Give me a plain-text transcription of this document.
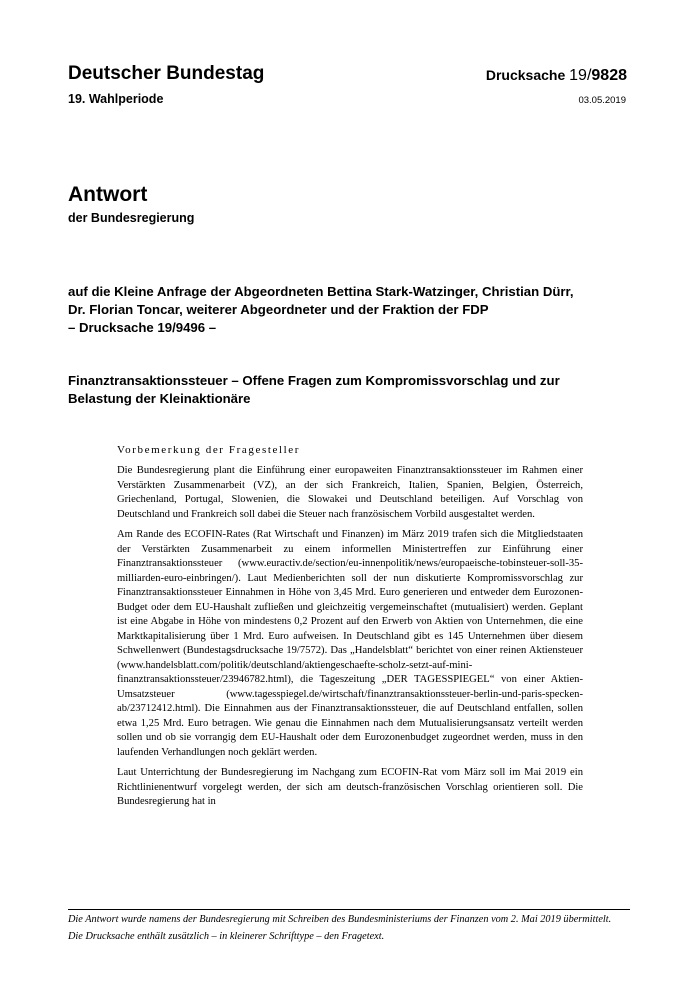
Deutscher Bundestag
19. Wahlperiode
Drucksache 19/9828
03.05.2019
Antwort
der Bundesregierung
auf die Kleine Anfrage der Abgeordneten Bettina Stark-Watzinger, Christian Dürr,
Dr. Florian Toncar, weiterer Abgeordneter und der Fraktion der FDP
– Drucksache 19/9496 –
Finanztransaktionssteuer – Offene Fragen zum Kompromissvorschlag und zur
Belastung der Kleinaktionäre
Vorbemerkung der Fragesteller

Die Bundesregierung plant die Einführung einer europaweiten Finanztransaktionssteuer im Rahmen einer Verstärkten Zusammenarbeit (VZ), an der sich Frankreich, Italien, Spanien, Belgien, Österreich, Griechenland, Portugal, Slowenien, die Slowakei und Deutschland beteiligen. Auf Vorschlag von Deutschland und Frankreich soll dabei die Steuer nach französischem Vorbild ausgestaltet werden.

Am Rande des ECOFIN-Rates (Rat Wirtschaft und Finanzen) im März 2019 trafen sich die Mitgliedstaaten der Verstärkten Zusammenarbeit zu einem informellen Ministertreffen zur Einführung einer Finanztransaktionssteuer (www.euractiv.de/section/eu-innenpolitik/news/europaeische-tobinsteuer-soll-35-milliarden-euro-einbringen/). Laut Medienberichten soll der nun diskutierte Kompromissvorschlag zur Finanztransaktionssteuer Einnahmen in Höhe von 3,45 Mrd. Euro generieren und entweder dem Eurozonen-Budget oder dem EU-Haushalt zufließen und gleichzeitig vergemeinschaftet (mutualisiert) werden. Geplant ist eine Abgabe in Höhe von mindestens 0,2 Prozent auf den Erwerb von Aktien von Unternehmen, die eine Marktkapitalisierung über 1 Mrd. Euro aufweisen. In Deutschland gibt es 145 Unternehmen über diesem Schwellenwert (Bundestagsdrucksache 19/7572). Das „Handelsblatt“ berichtet von einer reinen Aktiensteuer (www.handelsblatt.com/politik/deutschland/aktiengeschaefte-scholz-setzt-auf-mini-finanztransaktionssteuer/23946782.html), die Tageszeitung „DER TAGESSPIEGEL“ von einer Aktien-Umsatzsteuer (www.tagesspiegel.de/wirtschaft/finanztransaktionssteuer-berlin-und-paris-specken-ab/23712412.html). Die Einnahmen aus der Finanztransaktionssteuer, die auf Deutschland entfallen, sollen etwa 1,25 Mrd. Euro betragen. Wie genau die Einnahmen nach dem Mutualisierungsansatz verteilt werden sollen und ob sie vorrangig dem EU-Haushalt oder dem Eurozonenbudget zugeordnet werden, muss in den laufenden Verhandlungen noch geklärt werden.

Laut Unterrichtung der Bundesregierung im Nachgang zum ECOFIN-Rat vom März soll im Mai 2019 ein Richtlinienentwurf vorgelegt werden, der sich am deutsch-französischen Vorschlag orientieren soll. Die Bundesregierung hat in

Die Antwort wurde namens der Bundesregierung mit Schreiben des Bundesministeriums der Finanzen vom 2. Mai 2019 übermittelt.

Die Drucksache enthält zusätzlich – in kleinerer Schrifttype – den Fragetext.
